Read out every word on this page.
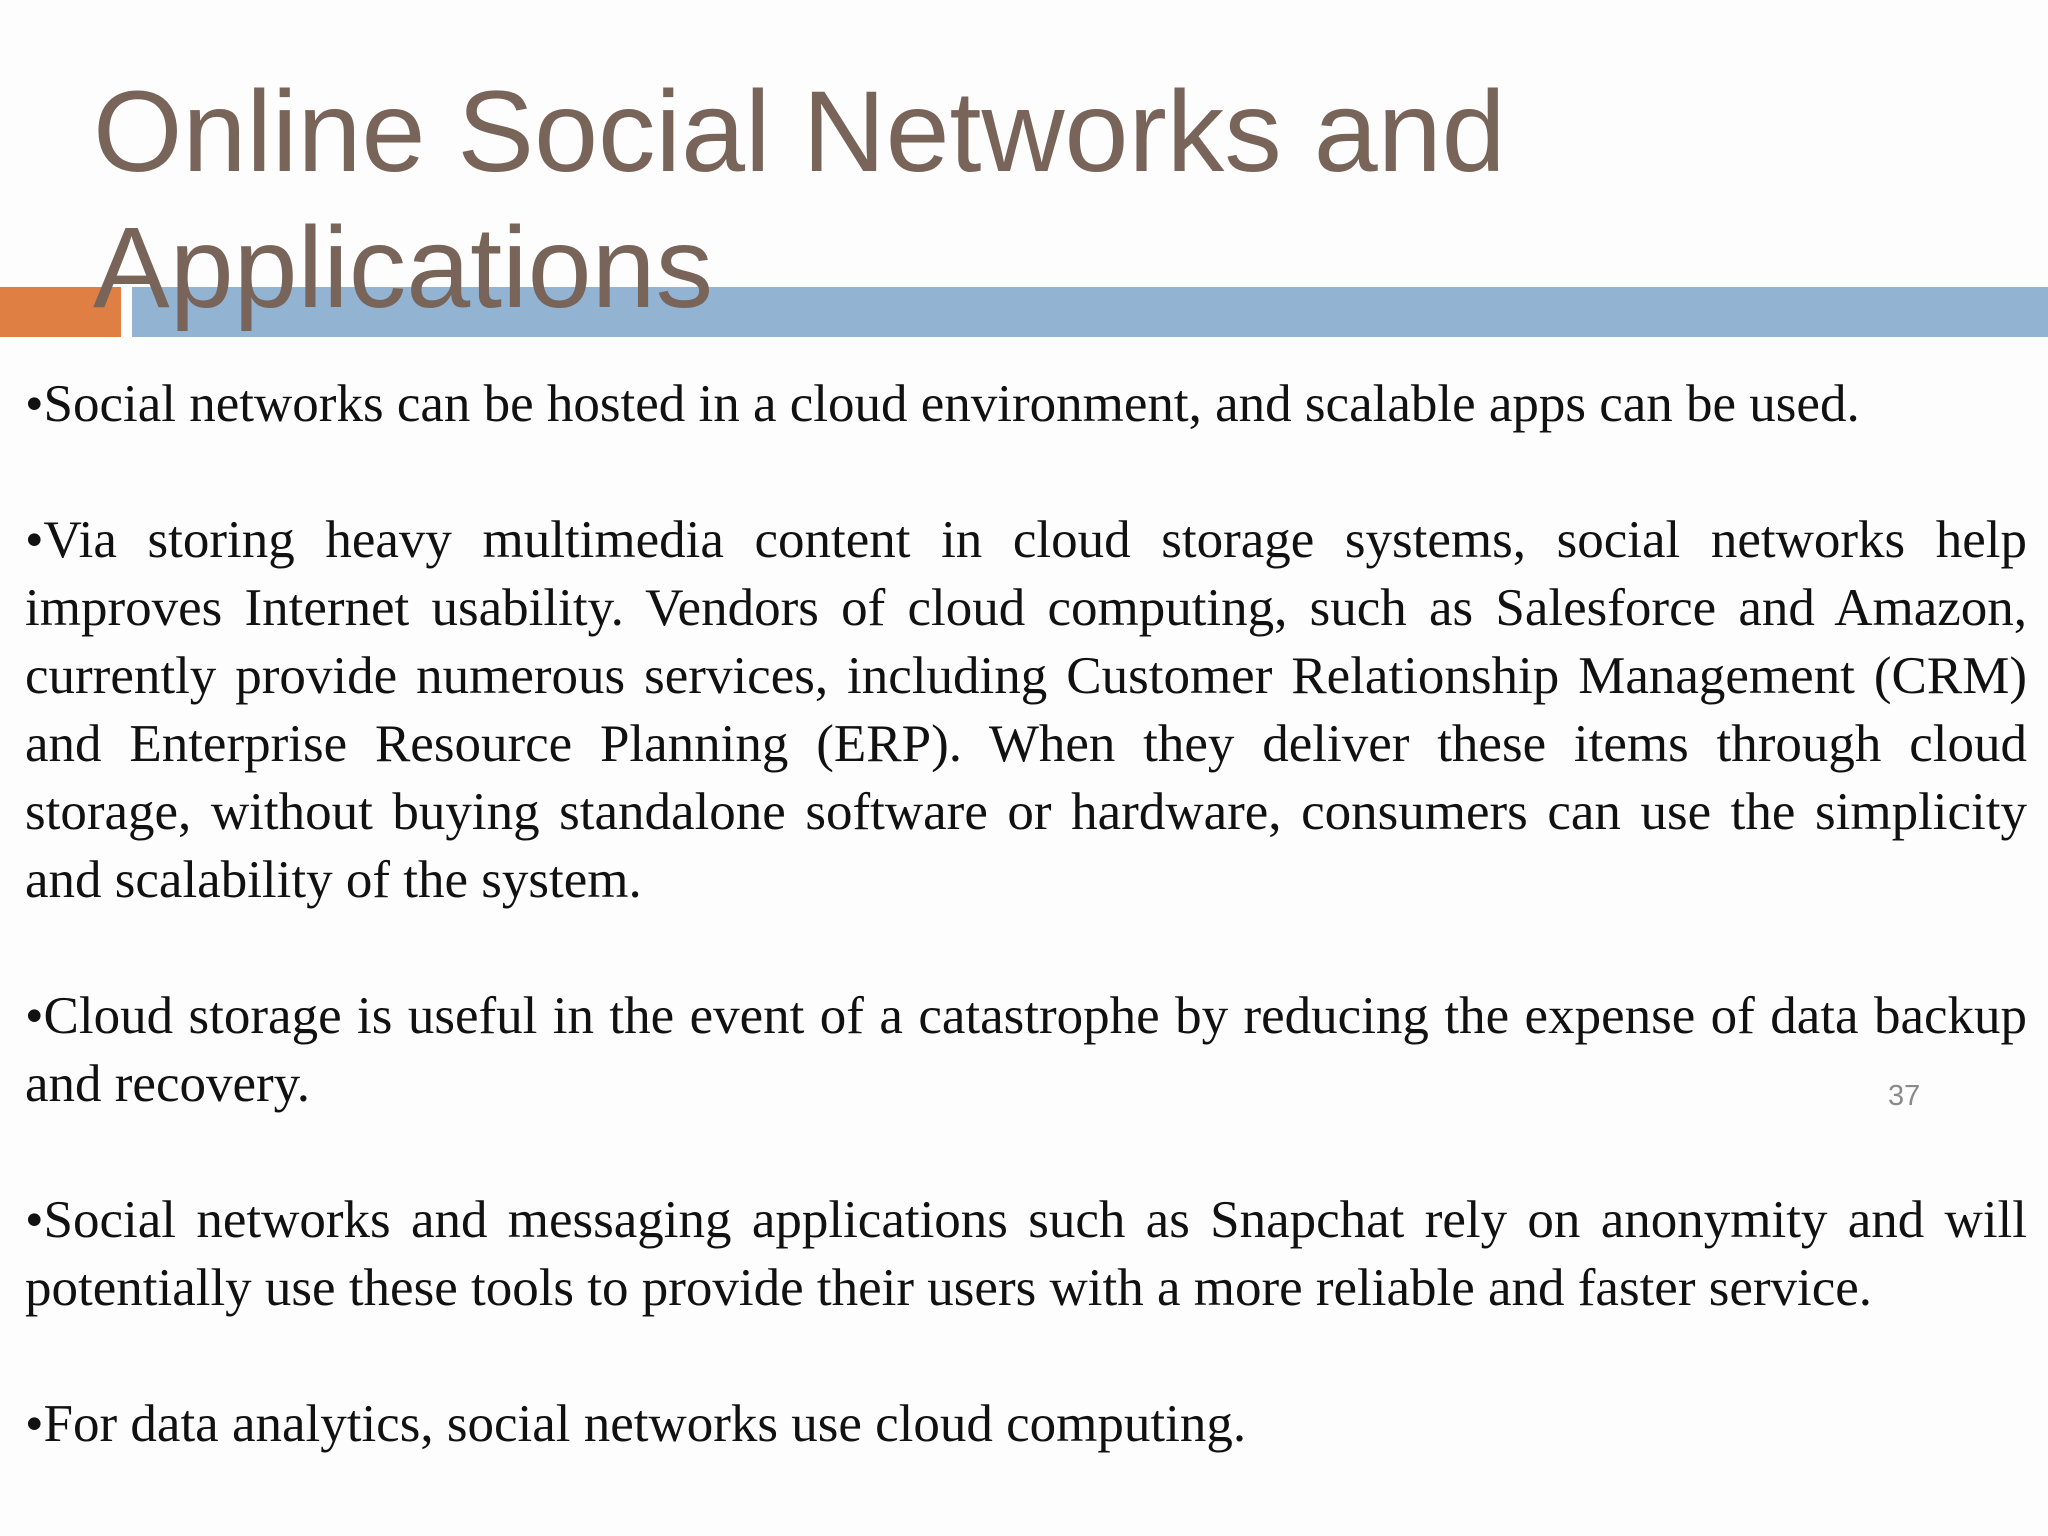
Online Social Networks and Applications

•Social networks can be hosted in a cloud environment, and scalable apps can be used.

•Via storing heavy multimedia content in cloud storage systems, social networks help improves Internet usability. Vendors of cloud computing, such as Salesforce and Amazon, currently provide numerous services, including Customer Relationship Management (CRM) and Enterprise Resource Planning (ERP). When they deliver these items through cloud storage, without buying standalone software or hardware, consumers can use the simplicity and scalability of the system.

•Cloud storage is useful in the event of a catastrophe by reducing the expense of data backup and recovery.

•Social networks and messaging applications such as Snapchat rely on anonymity and will potentially use these tools to provide their users with a more reliable and faster service.

•For data analytics, social networks use cloud computing.

37
